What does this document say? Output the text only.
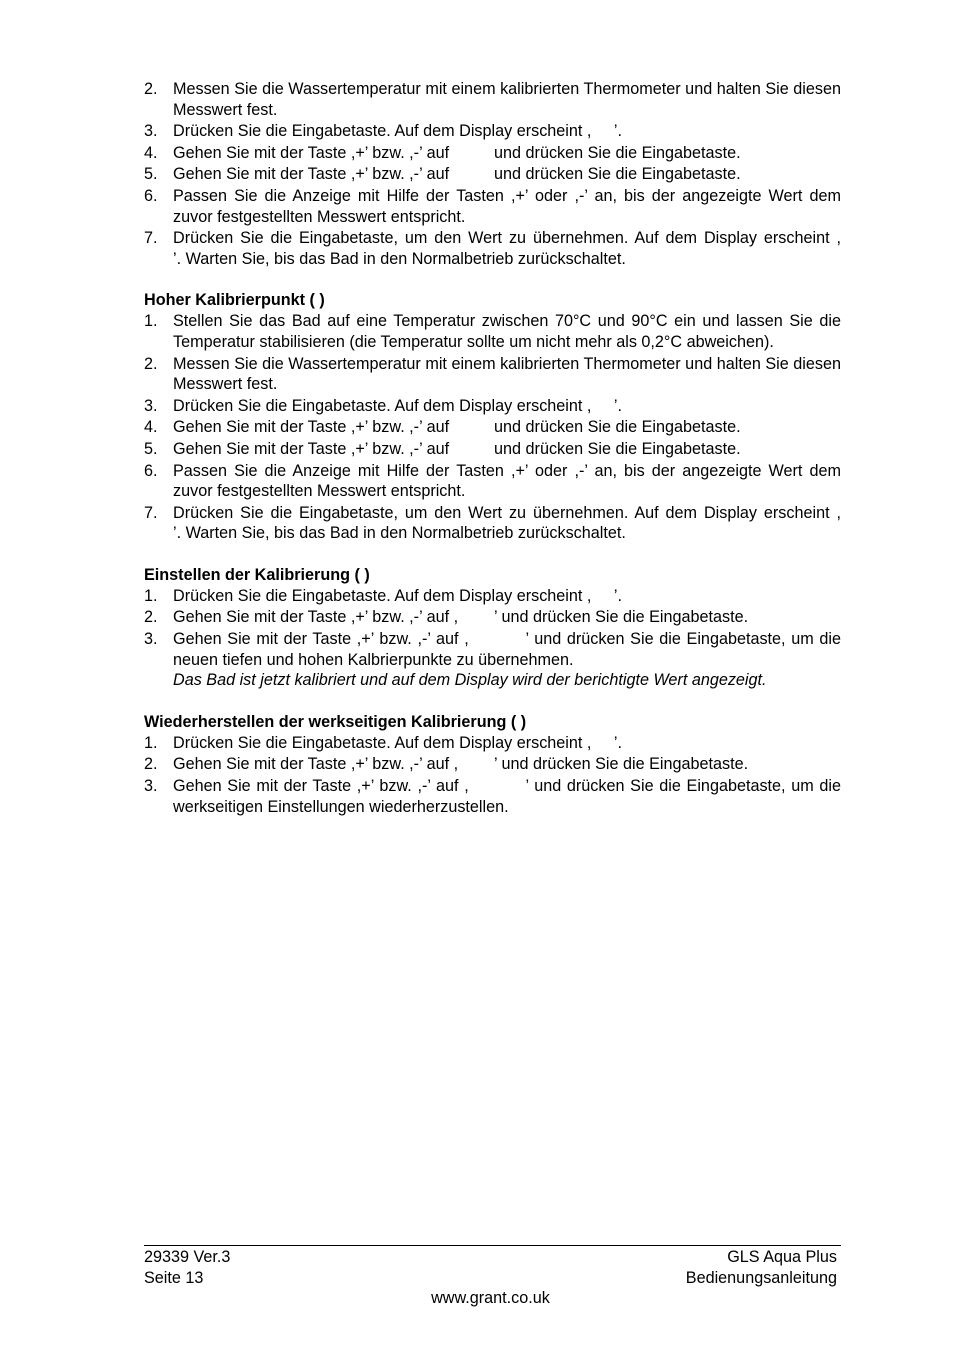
2. Messen Sie die Wassertemperatur mit einem kalibrierten Thermometer und halten Sie diesen Messwert fest.
3. Drücken Sie die Eingabetaste. Auf dem Display erscheint ,     ’.
4. Gehen Sie mit der Taste ,+’ bzw. ,-’ auf          und drücken Sie die Eingabetaste.
5. Gehen Sie mit der Taste ,+’ bzw. ,-’ auf          und drücken Sie die Eingabetaste.
6. Passen Sie die Anzeige mit Hilfe der Tasten ,+’ oder ,-’ an, bis der angezeigte Wert dem zuvor festgestellten Messwert entspricht.
7. Drücken Sie die Eingabetaste, um den Wert zu übernehmen. Auf dem Display erscheint ,       ’. Warten Sie, bis das Bad in den Normalbetrieb zurückschaltet.
Hoher Kalibrierpunkt ( )
1. Stellen Sie das Bad auf eine Temperatur zwischen 70°C und 90°C ein und lassen Sie die Temperatur stabilisieren (die Temperatur sollte um nicht mehr als 0,2°C abweichen).
2. Messen Sie die Wassertemperatur mit einem kalibrierten Thermometer und halten Sie diesen Messwert fest.
3. Drücken Sie die Eingabetaste. Auf dem Display erscheint ,     ’.
4. Gehen Sie mit der Taste ,+’ bzw. ,-’ auf          und drücken Sie die Eingabetaste.
5. Gehen Sie mit der Taste ,+’ bzw. ,-’ auf          und drücken Sie die Eingabetaste.
6. Passen Sie die Anzeige mit Hilfe der Tasten ,+’ oder ,-’ an, bis der angezeigte Wert dem zuvor festgestellten Messwert entspricht.
7. Drücken Sie die Eingabetaste, um den Wert zu übernehmen. Auf dem Display erscheint ,       ’. Warten Sie, bis das Bad in den Normalbetrieb zurückschaltet.
Einstellen der Kalibrierung ( )
1. Drücken Sie die Eingabetaste. Auf dem Display erscheint ,     ’.
2. Gehen Sie mit der Taste ,+’ bzw. ,-’ auf ,        ’ und drücken Sie die Eingabetaste.
3. Gehen Sie mit der Taste ,+’ bzw. ,-’ auf ,          ’ und drücken Sie die Eingabetaste, um die neuen tiefen und hohen Kalbrierpunkte zu übernehmen.
Das Bad ist jetzt kalibriert und auf dem Display wird der berichtigte Wert angezeigt.
Wiederherstellen der werkseitigen Kalibrierung ( )
1. Drücken Sie die Eingabetaste. Auf dem Display erscheint ,     ’.
2. Gehen Sie mit der Taste ,+’ bzw. ,-’ auf ,        ’ und drücken Sie die Eingabetaste.
3. Gehen Sie mit der Taste ,+’ bzw. ,-’ auf ,          ’ und drücken Sie die Eingabetaste, um die werkseitigen Einstellungen wiederherzustellen.
29339 Ver.3	GLS Aqua Plus
Seite 13	Bedienungsanleitung
www.grant.co.uk
